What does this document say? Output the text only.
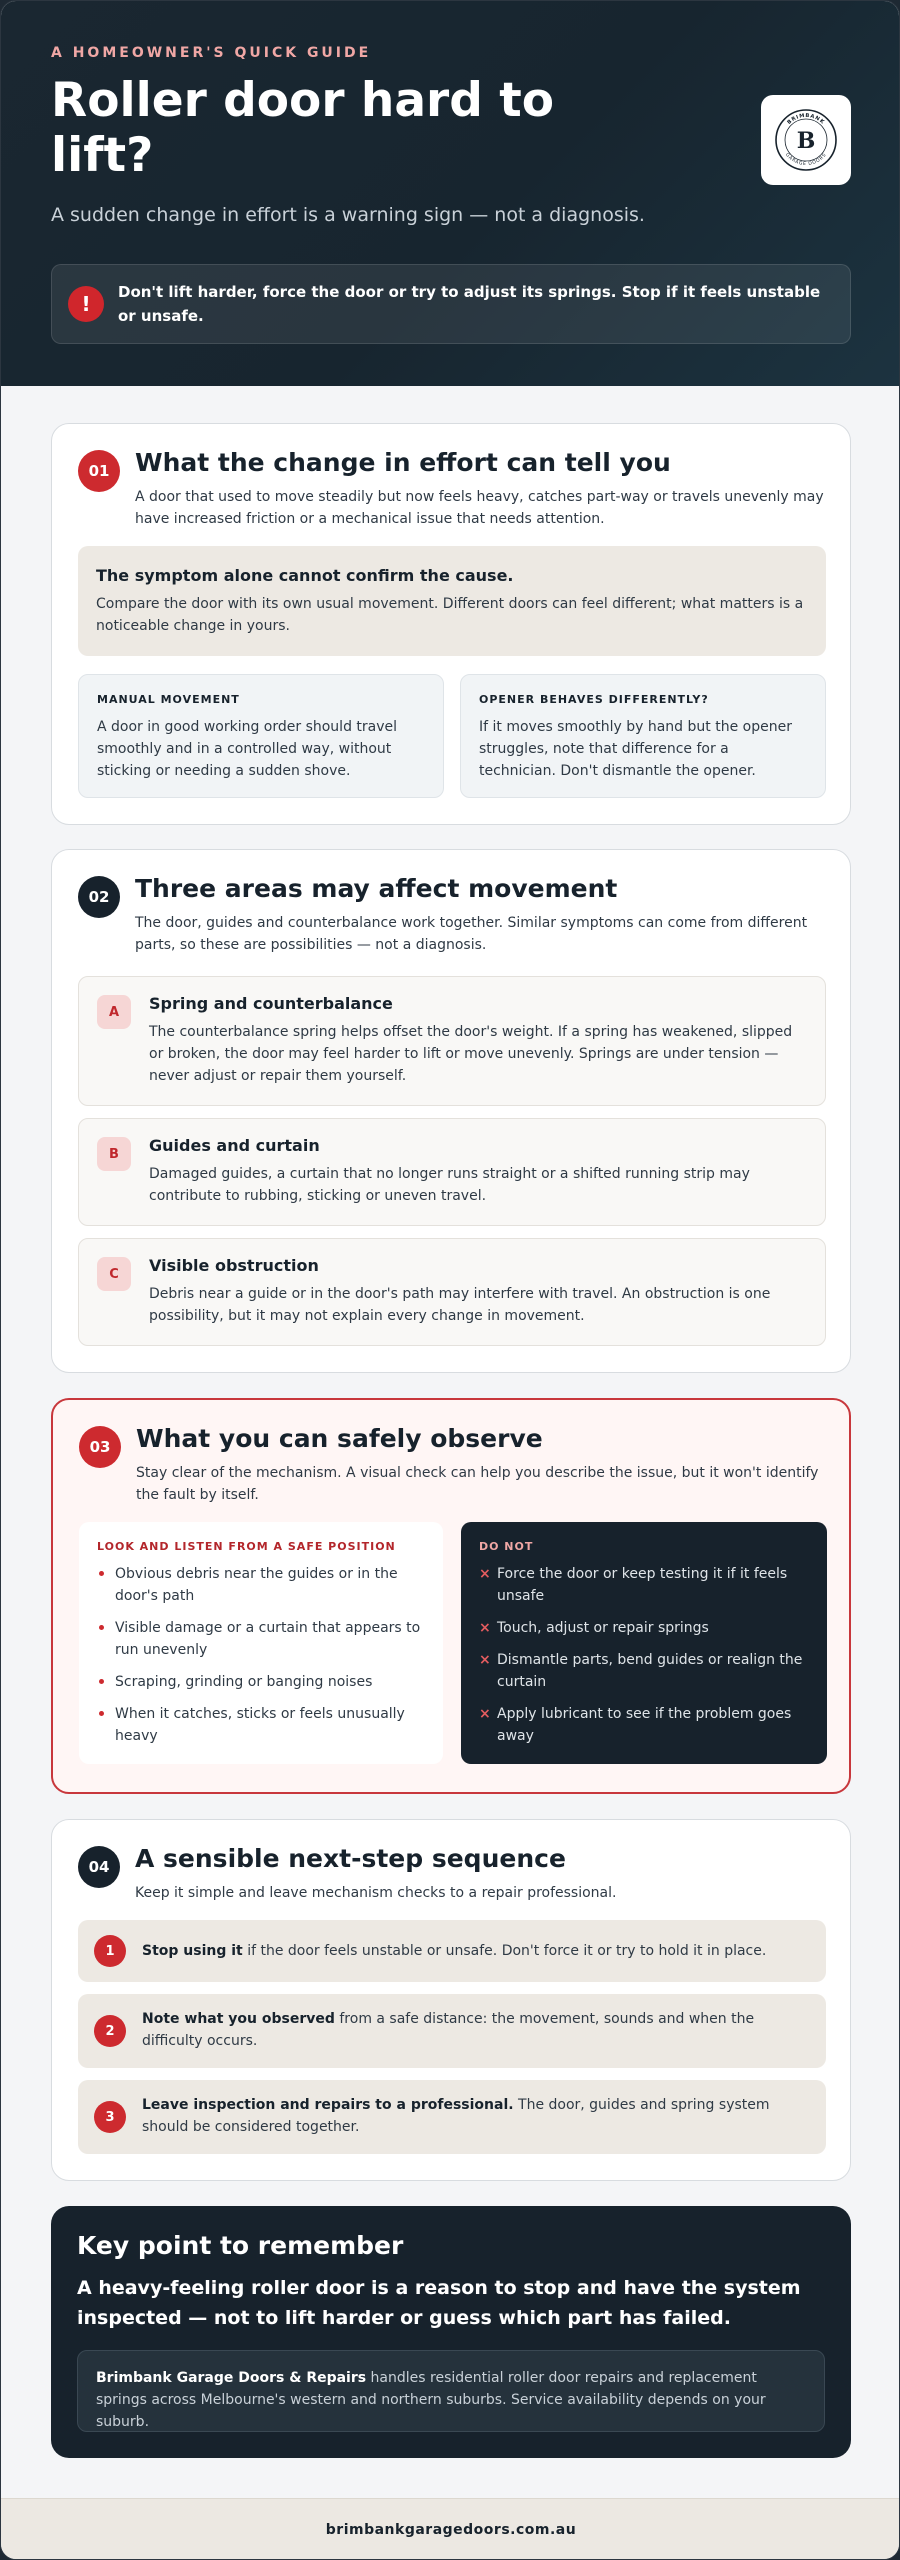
A HOMEOWNER'S QUICK GUIDE
Roller door hard to lift?
A sudden change in effort is a warning sign — not a diagnosis.
BRIMBANK
GARAGE DOORS
B
!	Don't lift harder, force the door or try to adjust its springs. Stop if it feels unstable or unsafe.
01	What the change in effort can tell you
A door that used to move steadily but now feels heavy, catches part-way or travels unevenly may have increased friction or a mechanical issue that needs attention.
The symptom alone cannot confirm the cause.

Compare the door with its own usual movement. Different doors can feel different; what matters is a noticeable change in yours.

MANUAL MOVEMENT

A door in good working order should travel smoothly and in a controlled way, without sticking or needing a sudden shove.

OPENER BEHAVES DIFFERENTLY?

If it moves smoothly by hand but the opener struggles, note that difference for a technician. Don't dismantle the opener.

02	Three areas may affect movement
The door, guides and counterbalance work together. Similar symptoms can come from different parts, so these are possibilities — not a diagnosis.
A	Spring and counterbalance

The counterbalance spring helps offset the door's weight. If a spring has weakened, slipped or broken, the door may feel harder to lift or move unevenly. Springs are under tension — never adjust or repair them yourself.

B	Guides and curtain

Damaged guides, a curtain that no longer runs straight or a shifted running strip may contribute to rubbing, sticking or uneven travel.

C	Visible obstruction

Debris near a guide or in the door's path may interfere with travel. An obstruction is one possibility, but it may not explain every change in movement.

03	What you can safely observe
Stay clear of the mechanism. A visual check can help you describe the issue, but it won't identify the fault by itself.
LOOK AND LISTEN FROM A SAFE POSITION
Obvious debris near the guides or in the door's path
Visible damage or a curtain that appears to run unevenly
Scraping, grinding or banging noises
When it catches, sticks or feels unusually heavy
DO NOT
× Force the door or keep testing it if it feels unsafe
× Touch, adjust or repair springs
× Dismantle parts, bend guides or realign the curtain
× Apply lubricant to see if the problem goes away
04	A sensible next-step sequence
Keep it simple and leave mechanism checks to a repair professional.
1	Stop using it if the door feels unstable or unsafe. Don't force it or try to hold it in place.

2

Note what you observed from a safe distance: the movement, sounds and when the difficulty occurs.

3

Leave inspection and repairs to a professional. The door, guides and spring system should be considered together.

Key point to remember
A heavy-feeling roller door is a reason to stop and have the system inspected — not to lift harder or guess which part has failed.
Brimbank Garage Doors & Repairs handles residential roller door repairs and replacement springs across Melbourne's western and northern suburbs. Service availability depends on your suburb.
brimbankgaragedoors.com.au
